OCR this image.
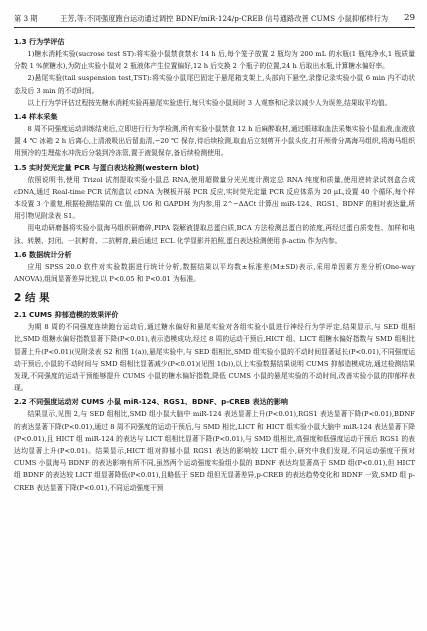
第 3 期	王芳,等:不同强度跑台运动通过调控 BDNF/miR-124/p-CREB 信号通路改善 CUMS 小鼠抑郁样行为 29
1.3 行为学评估

1)糖水消耗实验(sucrose test ST):将实验小鼠禁食禁水 14 h 后,每个笼子放置 2 瓶均为 200 mL 的水瓶(1 瓶纯净水,1 瓶质量分数 1 %蔗糖水),为防止实验小鼠对 2 瓶液体产生位置偏好,12 h 后交换 2 个瓶子的位置,24 h 后取出水瓶,计算糖水偏好率。

2)悬尾实验(tail suspension test,TST):将实验小鼠尾巴固定于悬尾箱支架上,头部向下悬空,录像记录实验小鼠 6 min 内不动状态及后 3 min 的不动时间。

以上行为学评估过程按先糖水消耗实验再悬尾实验进行,每只实验小鼠间时 3 人观察和记录以减少人为误差,结果取平均值。

1.4 样本采集

8 周不同强度运动训练结束后,立即进行行为学检测,所有实验小鼠禁食 12 h 后麻醉取材,通过眼球取血法采集实验小鼠血液,血液放置 4 ℃ 冰箱 2 h 后离心,上清液吸出后留血清,−20 ℃ 保存,待后续检测,取血后立刻剪开小鼠头皮,打开颅骨分离海马组织,将海马组织用预冷的生理盐水冲洗后分装到冷冻管,置于液氮保存,备后续检测使用。

1.5 实时荧光定量 PCR 与蛋白表达检测(western blot)

依照说明书,使用 Trizol 试剂提取实验小鼠总 RNA,使用超微量分光光度计测定总 RNA 纯度和质量,使用逆转录试剂盒合成 cDNA,通过 Real-time PCR 试剂盒以 cDNA 为模板开展 PCR 反应,实时荧光定量 PCR 反应体系为 20 μL,设置 40 个循环,每个样本设置 3 个重复,根据检测结果的 Ct 值,以 U6 和 GAPDH 为内参,用 2^−ΔΔCt 计算出 miR-124、RGS1、BDNF 的相对表达量,所用引物见附录表 S1。

用电动研磨器将实验小鼠海马组织研磨碎,PIPA 裂解液提取总蛋白质,BCA 方法检测总蛋白的浓度,再经过蛋白质变性、加样和电泳、转膜、封闭、一抗孵育、二抗孵育,最后通过 ECL 化学显影并拍照,蛋白表达检测使用 β-actin 作为内参。

1.6 数据统计分析

应用 SPSS 20.0 软件对实验数据进行统计分析,数据结果以平均数±标准差(M±SD)表示,采用单因素方差分析(One-way ANOVA),组间显著差异比较,以 P<0.05 和 P<0.01 为标准。

2 结 果
2.1 CUMS 抑郁造模的效果评价

为期 8 周的不同强度连续跑台运动后,通过糖水偏好和悬尾实验对各组实验小鼠进行神经行为学评定,结果显示,与 SED 组相比,SMD 组糖水偏好指数显著下降(P<0.01),表示造模成功,经过 8 周的运动干预后,HICT 组、LICT 组糖水偏好指数与 SMD 组相比显著上升(P<0.01)(见附录表 S2 和图 1(a)),悬尾实验中,与 SED 组相比,SMD 组实验小鼠的不动时间显著延长(P<0.01),不同强度运动干预后,小鼠的不动时间与 SMD 组相比显著减少(P<0.01)(见图 1(b)),以上实验数据结果说明 CUMS 抑郁造模成功,通过检测结果发现,不同强度的运动干预能够提升 CUMS 小鼠的糖水偏好指数,降低 CUMS 小鼠的悬尾实验的不动时间,改善实验小鼠的抑郁样表现。

2.2 不同强度运动对 CUMS 小鼠 miR-124、RGS1、BDNF、p-CREB 表达的影响

结果显示,见图 2,与 SED 组相比,SMD 组小鼠大脑中 miR-124 表达显著上升(P<0.01),RGS1 表达显著下降(P<0.01),BDNF 的表达显著下降(P<0.01),通过 8 周不同强度的运动干预后,与 SMD 相比,LICT 和 HICT 组实验小鼠大脑中 miR-124 表达显著下降(P<0.01),且 HICT 组 miR-124 的表达与 LICT 组相比显著下降(P<0.01),与 SMD 组相比,高强度和低强度运动干预后 RGS1 的表达均显著上升(P<0.01)。结果显示,HICT 组对抑郁小鼠 RGS1 表达的影响较 LICT 组小,研究中我们发现,不同运动强度干预对 CUMS 小鼠海马 BDNF 的表达影响有所不同,虽然两个运动强度实验组小鼠的 BDNF 表达均显著高于 SMD 组(P<0.01),但 HICT 组 BDNF 的表达较 LICT 组显著降低(P<0.01),且略低于 SED 组但无显著差异,p-CREB 的表达趋势变化和 BDNF 一致,SMD 组 p-CREB 表达显著下降(P<0.01),不同运动强度干预
